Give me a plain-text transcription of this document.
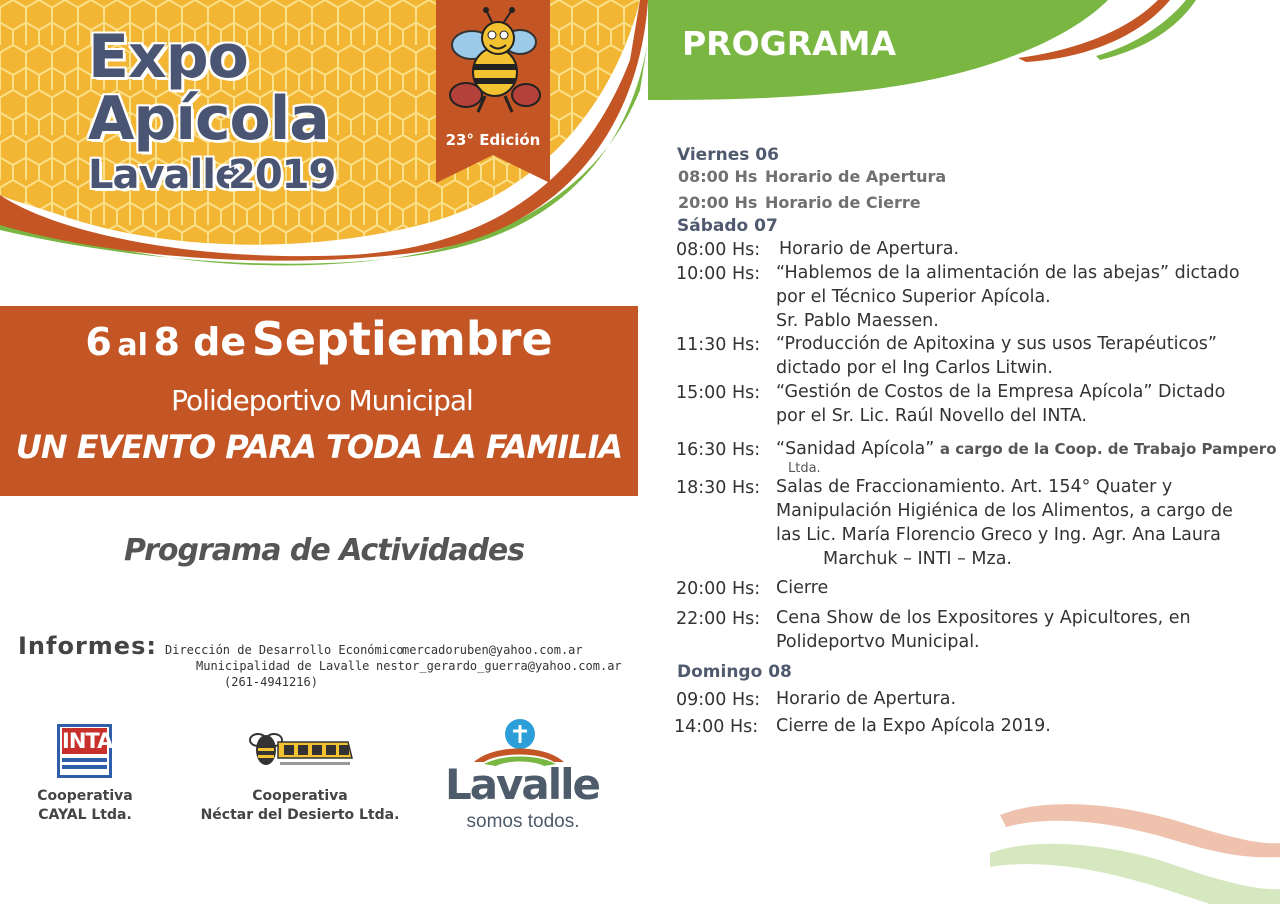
Expo
Apícola
Lavalle
2019
23° Edición
6 al 8 de Septiembre
Polideportivo Municipal
UN EVENTO PARA TODA LA FAMILIA
Programa de Actividades
Informes: Dirección de Desarrollo Económico
Municipalidad de Lavalle
(261-4941216)
mercadoruben@yahoo.com.ar
nestor_gerardo_guerra@yahoo.com.ar
INTA
Cooperativa
CAYAL Ltda.
Cooperativa
Néctar del Desierto Ltda.
Lavalle
somos todos.
PROGRAMA
Viernes 06
08:00 Hs Horario de Apertura
20:00 Hs Horario de Cierre
Sábado 07
08:00 Hs: Horario de Apertura.
10:00 Hs: “Hablemos de la alimentación de las abejas” dictado
por el Técnico Superior Apícola.
Sr. Pablo Maessen.
11:30 Hs: “Producción de Apitoxina y sus usos Terapéuticos”
dictado por el Ing Carlos Litwin.
15:00 Hs: “Gestión de Costos de la Empresa Apícola” Dictado
por el Sr. Lic. Raúl Novello del INTA.
16:30 Hs: “Sanidad Apícola” a cargo de la Coop. de Trabajo Pampero
Ltda.
18:30 Hs: Salas de Fraccionamiento. Art. 154° Quater y
Manipulación Higiénica de los Alimentos, a cargo de
las Lic. María Florencio Greco y Ing. Agr. Ana Laura
Marchuk – INTI – Mza.
20:00 Hs: Cierre
22:00 Hs: Cena Show de los Expositores y Apicultores, en
Polideportvo Municipal.
Domingo 08
09:00 Hs: Horario de Apertura.
14:00 Hs: Cierre de la Expo Apícola 2019.
